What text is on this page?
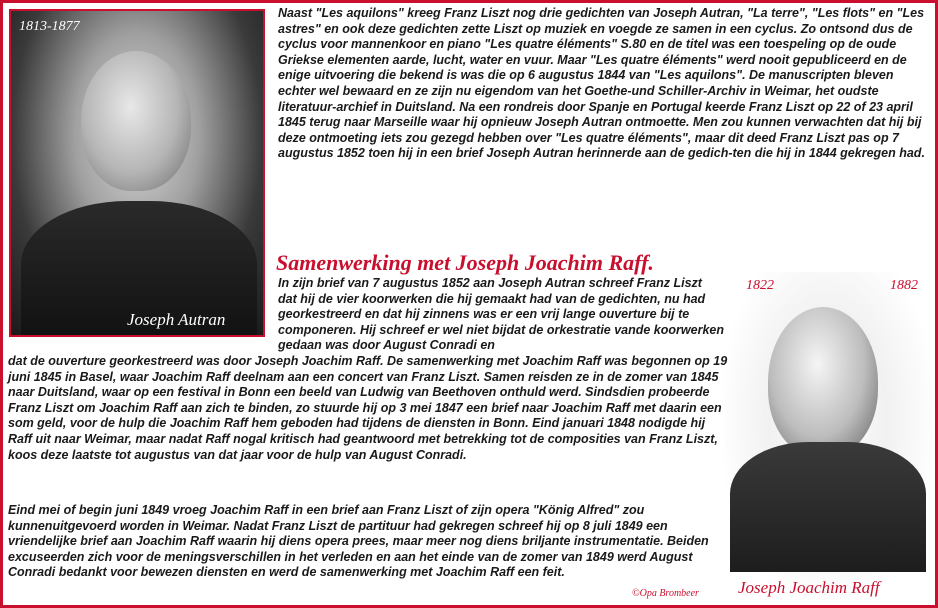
1813-1877
Joseph Autran

Naast "Les aquilons" kreeg Franz Liszt nog drie gedichten van Joseph Autran, "La terre", "Les flots" en "Les astres" en ook deze gedichten zette Liszt op muziek en voegde ze samen in een cyclus. Zo ontsond dus de cyclus voor mannenkoor en piano "Les quatre éléments" S.80 en de titel was een toespeling op de oude Griekse elementen aarde, lucht, water en vuur. Maar "Les quatre éléments" werd nooit gepubliceerd en de enige uitvoering die bekend is was die op 6 augustus 1844 van "Les aquilons". De manuscripten bleven echter wel bewaard en ze zijn nu eigendom van het Goethe-und Schiller-Archiv in Weimar, het oudste literatuur-archief in Duitsland. Na een rondreis door Spanje en Portugal keerde Franz Liszt op 22 of 23 april 1845 terug naar Marseille waar hij opnieuw Joseph Autran ontmoette. Men zou kunnen verwachten dat hij bij deze ontmoeting iets zou gezegd hebben over "Les quatre éléments", maar dit deed Franz Liszt pas op 7 augustus 1852 toen hij in een brief Joseph Autran herinnerde aan de gedich-ten die hij in 1844 gekregen had.

Samenwerking met Joseph Joachim Raff.

In zijn brief van 7 augustus 1852 aan Joseph Autran schreef Franz Liszt dat hij de vier koorwerken die hij gemaakt had van de gedichten, nu had georkestreerd en dat hij zinnens was er een vrij lange ouverture bij te componeren. Hij schreef er wel niet bijdat de orkestratie vande koorwerken gedaan was door August Conradi en

1822	1882
Joseph Joachim Raff

dat de ouverture georkestreerd was door Joseph Joachim Raff. De samenwerking met Joachim Raff was begonnen op 19 juni 1845 in Basel, waar Joachim Raff deelnam aan een concert van Franz Liszt. Samen reisden ze in de zomer van 1845 naar Duitsland, waar op een festival in Bonn een beeld van Ludwig van Beethoven onthuld werd. Sindsdien probeerde Franz Liszt om Joachim Raff aan zich te binden, zo stuurde hij op 3 mei 1847 een brief naar Joachim Raff met daarin een som geld, voor de hulp die Joachim Raff hem geboden had tijdens de diensten in Bonn. Eind januari 1848 nodigde hij Raff uit naar Weimar, maar nadat Raff nogal kritisch had geantwoord met betrekking tot de composities van Franz Liszt, koos deze laatste tot augustus van dat jaar voor de hulp van August Conradi.

Eind mei of begin juni 1849 vroeg Joachim Raff in een brief aan Franz Liszt of zijn opera "König Alfred" zou kunnenuitgevoerd worden in Weimar. Nadat Franz Liszt de partituur had gekregen schreef hij op 8 juli 1849 een vriendelijke brief aan Joachim Raff waarin hij diens opera prees, maar meer nog diens briljante instrumentatie. Beiden excuseerden zich voor de meningsverschillen in het verleden en aan het einde van de zomer van 1849 werd August Conradi bedankt voor bewezen diensten en werd de samenwerking met Joachim Raff een feit.

©Opa Brombeer
